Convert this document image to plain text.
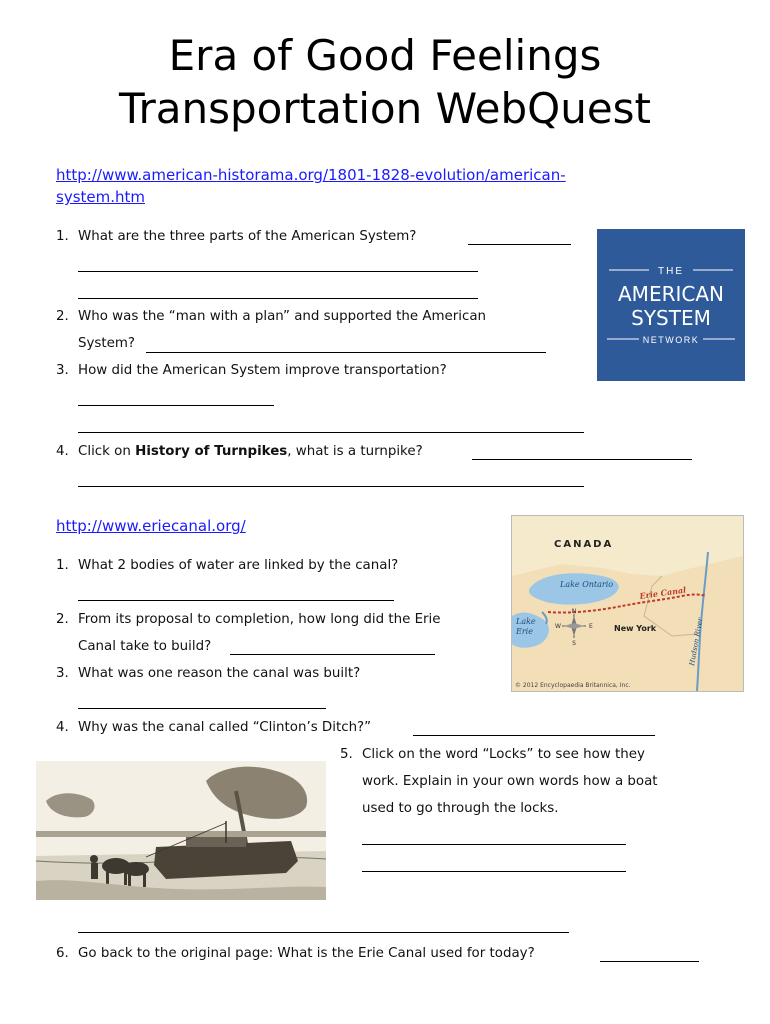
Era of Good Feelings
Transportation WebQuest
http://www.american-historama.org/1801-1828-evolution/american-
system.htm

1. What are the three parts of the American System?

2. Who was the “man with a plan” and supported the American

System?

3. How did the American System improve transportation?

4. Click on History of Turnpikes, what is a turnpike?

THE
AMERICAN
SYSTEM
NETWORK
http://www.eriecanal.org/

1. What 2 bodies of water are linked by the canal?

2. From its proposal to completion, how long did the Erie

Canal take to build?

3. What was one reason the canal was built?

4. Why was the canal called “Clinton’s Ditch?”

5. Click on the word “Locks” to see how they

work. Explain in your own words how a boat

used to go through the locks.

6. Go back to the original page: What is the Erie Canal used for today?

CANADA
Lake Ontario
Erie Canal
Lake
Erie	New York	Hudson River
N
S
E
W
© 2012 Encyclopaedia Britannica, Inc.
